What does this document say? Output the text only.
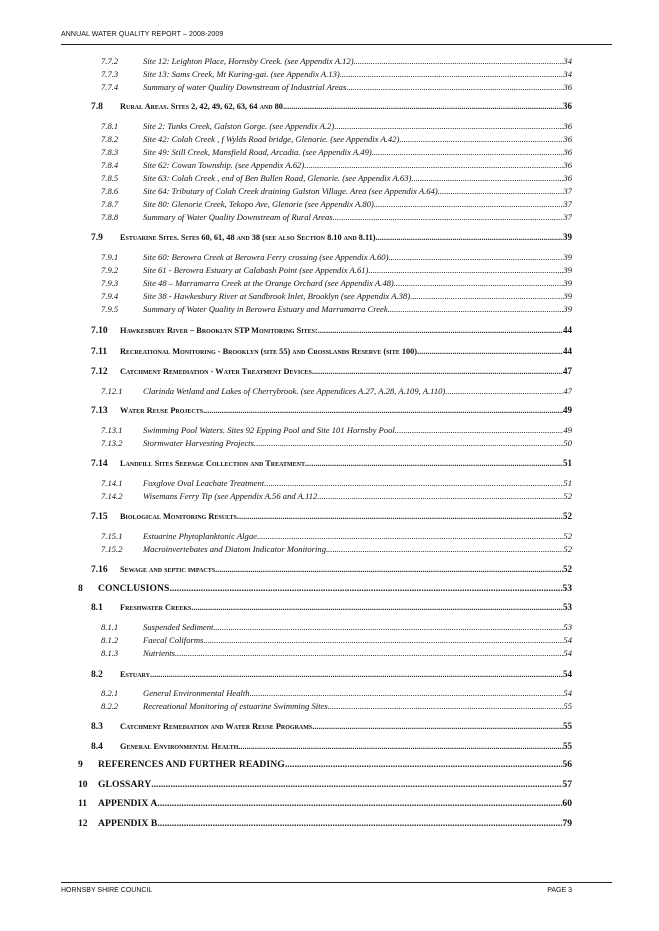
ANNUAL WATER QUALITY REPORT – 2008-2009
7.7.2	Site 12: Leighton Place, Hornsby Creek. (see Appendix A.12) .....	34
7.7.3	Site 13: Sams Creek, Mt Kuring-gai. (see Appendix A.13) .....	34
7.7.4	Summary of water Quality Downstream of Industrial Areas .....	36
7.8	Rural Areas. Sites 2, 42, 49, 62, 63, 64 and 80 .....	36
7.8.1	Site 2: Tunks Creek, Galston Gorge. (see Appendix A.2) .....	36
7.8.2	Site 42: Colah Creek , f Wylds Road bridge, Glenorie. (see Appendix A.42) .....	36
7.8.3	Site 49: Still Creek, Mansfield Road, Arcadia. (see Appendix A.49) .....	36
7.8.4	Site 62: Cowan Township. (see Appendix A.62) .....	36
7.8.5	Site 63: Colah Creek , end of Ben Bullen Road, Glenorie. (see Appendix A.63) .....	36
7.8.6	Site 64: Tributary of Colah Creek draining Galston Village. Area (see Appendix A.64) .....	37
7.8.7	Site 80: Glenorie Creek, Tekopo Ave, Glenorie (see Appendix A.80) .....	37
7.8.8	Summary of Water Quality Downstream of Rural Areas .....	37
7.9	Estuarine Sites. Sites 60, 61, 48 and 38 (see also Section 8.10 and 8.11) .....	39
7.9.1	Site 60: Berowra Creek at Berowra Ferry crossing (see Appendix A.60) .....	39
7.9.2	Site 61 - Berowra Estuary at Calabash Point (see Appendix A.61) .....	39
7.9.3	Site 48 – Marramarra Creek at the Orange Orchard (see Appendix A.48) .....	39
7.9.4	Site 38 - Hawkesbury River at Sandbrook Inlet, Brooklyn (see Appendix A.38) .....	39
7.9.5	Summary of Water Quality in Berowra Estuary and Marramarra Creek .....	39
7.10	Hawkesbury River – Brooklyn STP Monitoring Sites: .....	44
7.11	Recreational Monitoring - Brooklyn (site 55) and Crosslands Reserve (site 100). .....	44
7.12	Catchment Remediation - Water Treatment Devices .....	47
7.12.1	Clarinda Wetland and Lakes of Cherrybrook. (see Appendices A.27, A.28, A.109, A.110) .....	47
7.13	Water Reuse Projects .....	49
7.13.1	Swimming Pool Waters. Sites 92 Epping Pool and Site 101 Hornsby Pool .....	49
7.13.2	Stormwater Harvesting Projects .....	50
7.14	Landfill Sites Seepage Collection and Treatment .....	51
7.14.1	Foxglove Oval Leachate Treatment .....	51
7.14.2	Wisemans Ferry Tip (see Appendix A.56 and A.112 .....	52
7.15	Biological Monitoring Results .....	52
7.15.1	Estuarine Phytoplanktonic Algae .....	52
7.15.2	Macroinvertebates and Diatom Indicator Monitoring .....	52
7.16	Sewage and septic impacts .....	52
8	CONCLUSIONS .....	53
8.1	Freshwater Creeks .....	53
8.1.1	Suspended Sediment .....	53
8.1.2	Faecal Coliforms .....	54
8.1.3	Nutrients .....	54
8.2	Estuary .....	54
8.2.1	General Environmental Health .....	54
8.2.2	Recreational Monitoring of estuarine Swimming Sites .....	55
8.3	Catchment Remediation and Water Reuse Programs .....	55
8.4	General Environmental Health .....	55
9	REFERENCES AND FURTHER READING .....	56
10	GLOSSARY .....	57
11	APPENDIX A .....	60
12	APPENDIX B .....	79
HORNSBY SHIRE COUNCIL	PAGE 3
